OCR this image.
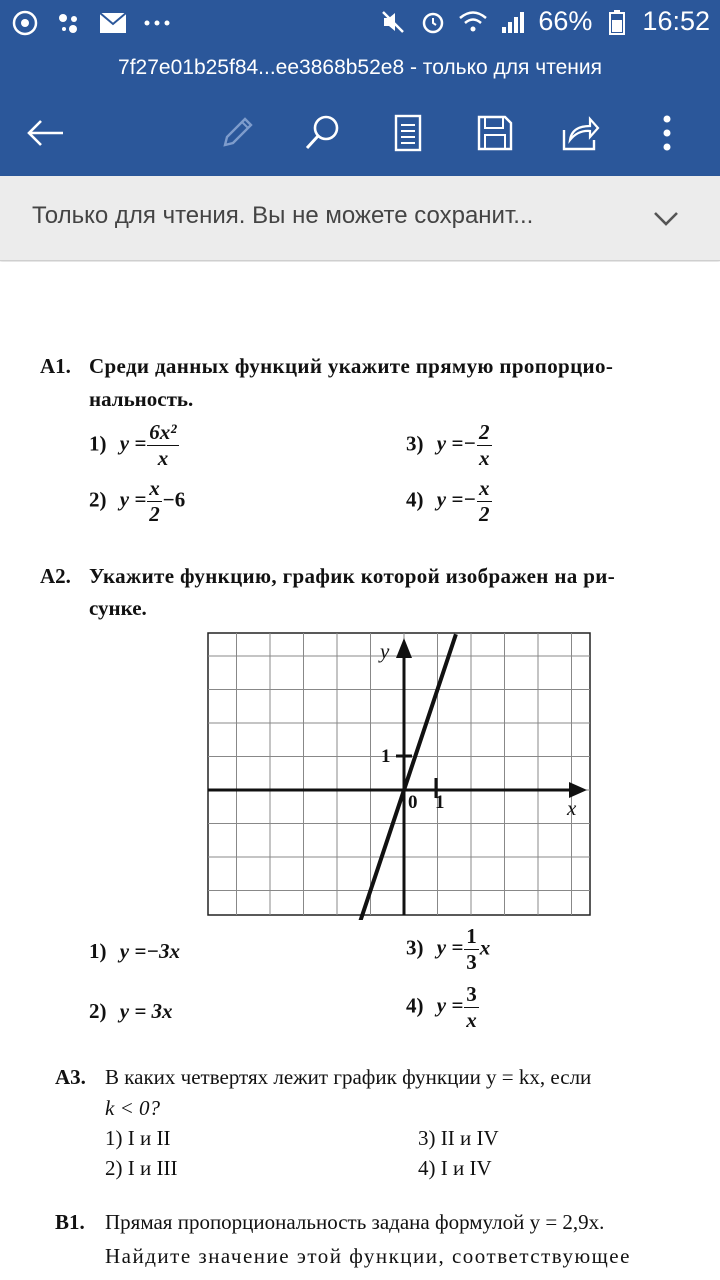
66% 16:52
7f27e01b25f84...ee3868b52e8 - только для чтения
Только для чтения. Вы не можете сохранит...
А1. Среди данных функций укажите прямую пропорцио-
нальность.
1) $y = \frac{\text{6x²}}{x}$	3) $y =- \frac{2}{x}$
2) $y = \frac{x}{2} -6$	4) $y =- \frac{x}{2}$
А2. Укажите функцию, график которой изображен на ри-
сунке.
y
x
0 1
1
1) y =−3x	3) $y = \frac{1}{3}$ x
2) y = 3x	4) $y = \frac{3}{x}$
А3. В каких четвертях лежит график функции y = kx, если
k < 0?
1) I и II	3) II и IV
2) I и III	4) I и IV
В1. Прямая пропорциональность задана формулой y = 2,9x.
Найдите значение этой функции, соответствующее
